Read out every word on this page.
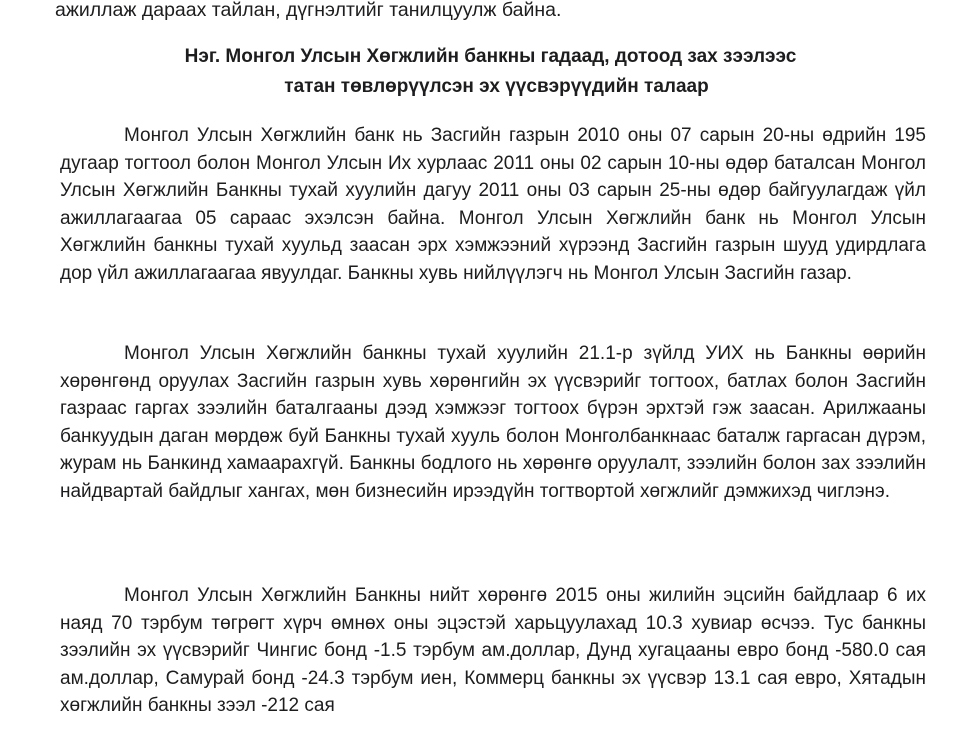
ажиллаж дараах тайлан, дүгнэлтийг танилцуулж байна.
Нэг. Монгол Улсын Хөгжлийн банкны гадаад, дотоод зах зээлээс
татан төвлөрүүлсэн эх үүсвэрүүдийн талаар

Монгол Улсын Хөгжлийн банк нь Засгийн газрын 2010 оны 07 сарын 20-ны өдрийн 195 дугаар тогтоол болон Монгол Улсын Их хурлаас 2011 оны 02 сарын 10-ны өдөр баталсан Монгол Улсын Хөгжлийн Банкны тухай хуулийн дагуу 2011 оны 03 сарын 25-ны өдөр байгуулагдаж үйл ажиллагаагаа 05 сараас эхэлсэн байна. Монгол Улсын Хөгжлийн банк нь Монгол Улсын Хөгжлийн банкны тухай хуульд заасан эрх хэмжээний хүрээнд Засгийн газрын шууд удирдлага дор үйл ажиллагаагаа явуулдаг. Банкны хувь нийлүүлэгч нь Монгол Улсын Засгийн газар.

Монгол Улсын Хөгжлийн банкны тухай хуулийн 21.1-р зүйлд УИХ нь Банкны өөрийн хөрөнгөнд оруулах Засгийн газрын хувь хөрөнгийн эх үүсвэрийг тогтоох, батлах болон Засгийн газраас гаргах зээлийн баталгааны дээд хэмжээг тогтоох бүрэн эрхтэй гэж заасан. Арилжааны банкуудын даган мөрдөж буй Банкны тухай хууль болон Монголбанкнаас баталж гаргасан дүрэм, журам нь Банкинд хамаарахгүй. Банкны бодлого нь хөрөнгө оруулалт, зээлийн болон зах зээлийн найдвартай байдлыг хангах, мөн бизнесийн ирээдүйн тогтвортой хөгжлийг дэмжихэд чиглэнэ.

Монгол Улсын Хөгжлийн Банкны нийт хөрөнгө 2015 оны жилийн эцсийн байдлаар 6 их наяд 70 тэрбум төгрөгт хүрч өмнөх оны эцэстэй харьцуулахад 10.3 хувиар өсчээ. Тус банкны зээлийн эх үүсвэрийг Чингис бонд -1.5 тэрбум ам.доллар, Дунд хугацааны евро бонд -580.0 сая ам.доллар, Самурай бонд -24.3 тэрбум иен, Коммерц банкны эх үүсвэр 13.1 сая евро, Хятадын хөгжлийн банкны зээл -212 сая
